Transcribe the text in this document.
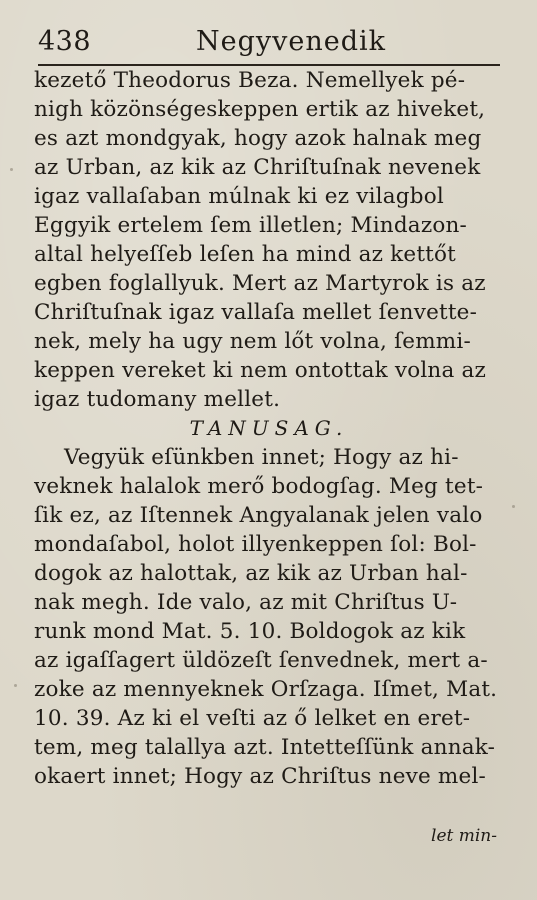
438	Negyvenedik
kezető Theodorus Beza. Nemellyek pé-
nigh közönségeskeppen ertik az hiveket,
es azt mondgyak, hogy azok halnak meg
az Urban, az kik az Chriſtuſnak nevenek
igaz vallaſaban múlnak ki ez vilagbol
Eggyik ertelem ſem illetlen; Mindazon-
altal helyeſſeb leſen ha mind az kettőt
egben foglallyuk. Mert az Martyrok is az
Chriſtuſnak igaz vallaſa mellet ſenvette-
nek, mely ha ugy nem lőt volna, ſemmi-
keppen vereket ki nem ontottak volna az
igaz tudomany mellet.
TANUSAG.
Vegyük eſünkben innet; Hogy az hi-
veknek halalok merő bodogſag. Meg tet-
ſik ez, az Iſtennek Angyalanak jelen valo
mondaſabol, holot illyenkeppen ſol: Bol-
dogok az halottak, az kik az Urban hal-
nak megh. Ide valo, az mit Chriſtus U-
runk mond Mat. 5. 10. Boldogok az kik
az igaſſagert üldözeſt ſenvednek, mert a-
zoke az mennyeknek Orſzaga. Iſmet, Mat.
10. 39. Az ki el veſti az ő lelket en eret-
tem, meg talallya azt. Intetteſſünk annak-
okaert innet; Hogy az Chriſtus neve mel-
let min-
